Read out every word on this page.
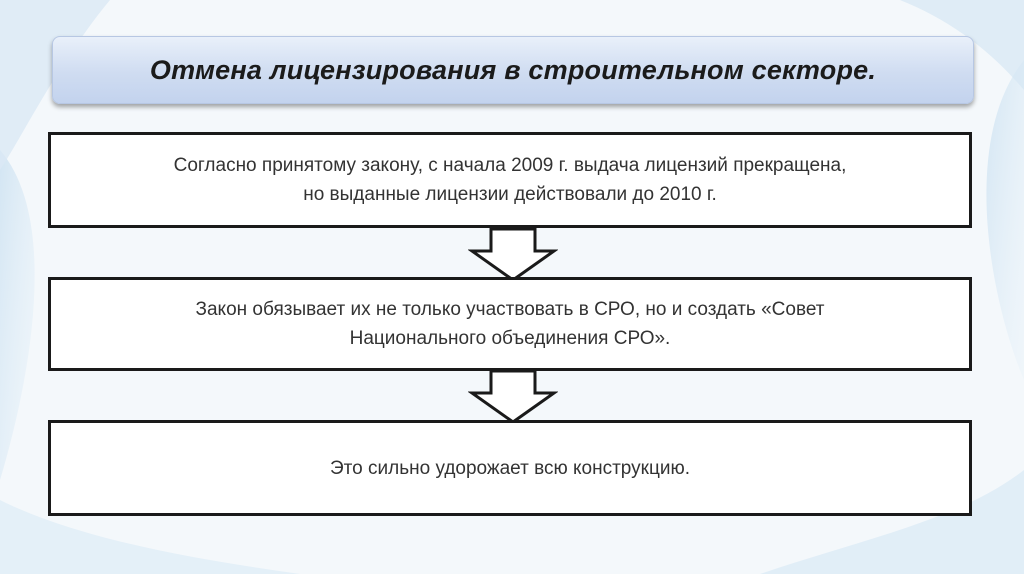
Отмена лицензирования в строительном секторе.
Согласно принятому закону, с начала 2009 г. выдача лицензий прекращена,
но выданные лицензии действовали до 2010 г.
Закон обязывает их не только участвовать в СРО, но и создать «Совет
Национального объединения СРО».
Это сильно удорожает всю конструкцию.
